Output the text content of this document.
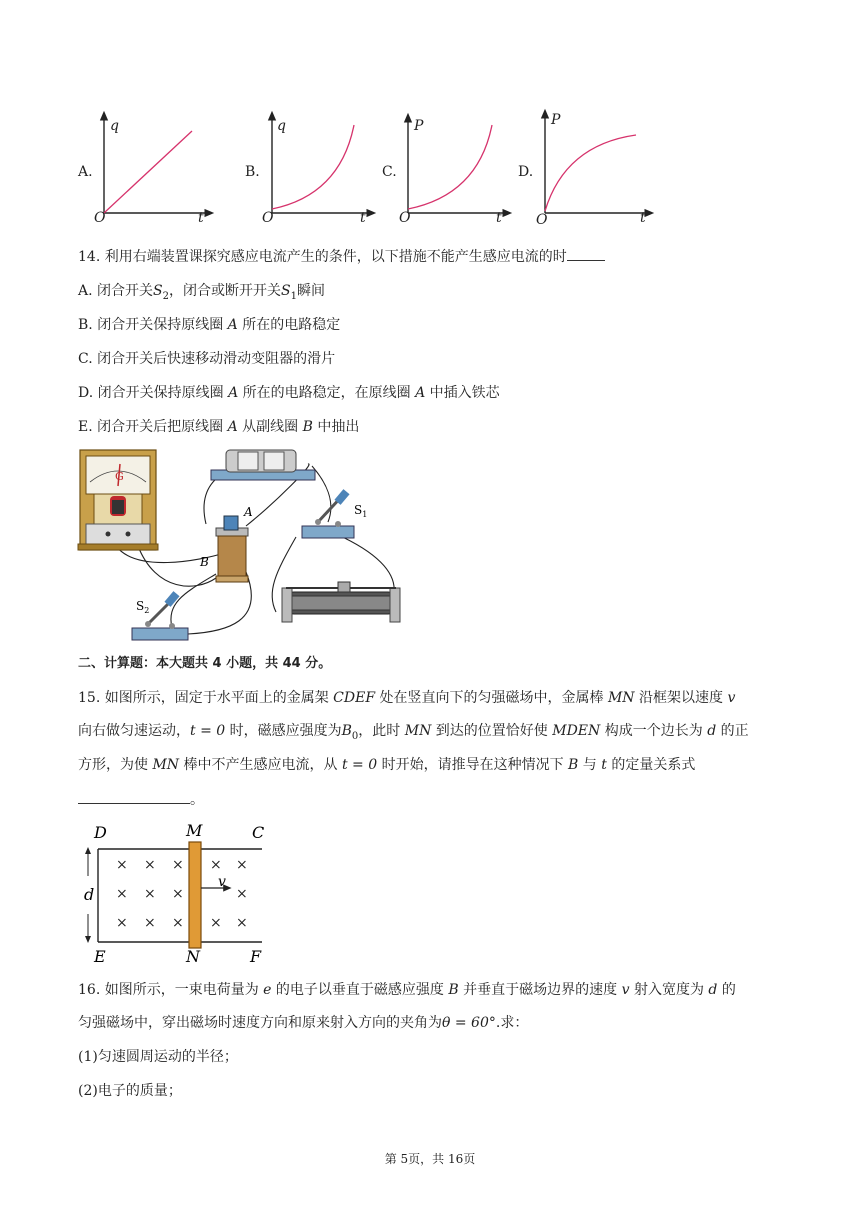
A.
q
O	t
B.
q
O	t
C.
P
O	t
D.
P
O	t
14. 利用右端装置课探究感应电流产生的条件，以下措施不能产生感应电流的时
A. 闭合开关$S_2$，闭合或断开开关$S_1$瞬间
B. 闭合开关保持原线圈 A 所在的电路稳定
C. 闭合开关后快速移动滑动变阻器的滑片
D. 闭合开关保持原线圈 A 所在的电路稳定，在原线圈 A 中插入铁芯
E. 闭合开关后把原线圈 A 从副线圈 B 中抽出
G
A
B
$S_1$
$S_2$
二、计算题：本大题共 4 小题，共 44 分。
15. 如图所示，固定于水平面上的金属架 CDEF 处在竖直向下的匀强磁场中，金属棒 MN 沿框架以速度 v
向右做匀速运动，t = 0 时，磁感应强度为$B_0$，此时 MN 到达的位置恰好使 MDEN 构成一个边长为 d 的正
方形，为使 MN 棒中不产生感应电流，从 t = 0 时开始，请推导在这种情况下 B 与 t 的定量关系式
。
× × × × ×
× × ×	×
× × × × ×
D	M	C
d
v
E	N	F
16. 如图所示，一束电荷量为 e 的电子以垂直于磁感应强度 B 并垂直于磁场边界的速度 v 射入宽度为 d 的
匀强磁场中，穿出磁场时速度方向和原来射入方向的夹角为θ = 60°.求：
(1)匀速圆周运动的半径；
(2)电子的质量；
第 5页，共 16页
